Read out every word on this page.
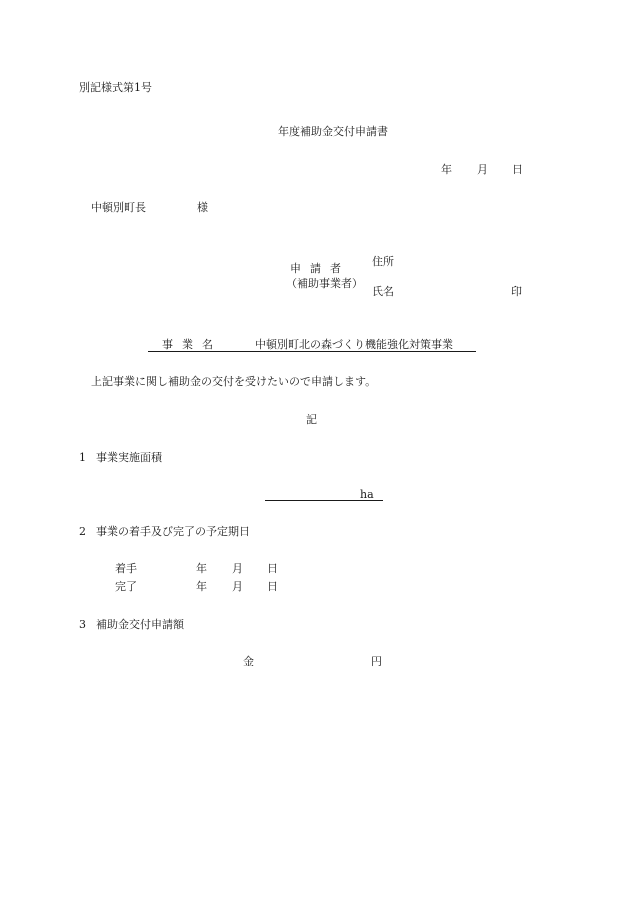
別記様式第1号
年度補助金交付申請書
年 月 日
中頓別町長	様
申　請　者
（補助事業者）
住所
氏名	印
事　業　名	中頓別町北の森づくり機能強化対策事業
上記事業に関し補助金の交付を受けたいので申請します。
記
1 事業実施面積
ha
2 事業の着手及び完了の予定期日
着手	年 月 日
完了	年 月 日
3 補助金交付申請額
金	円
